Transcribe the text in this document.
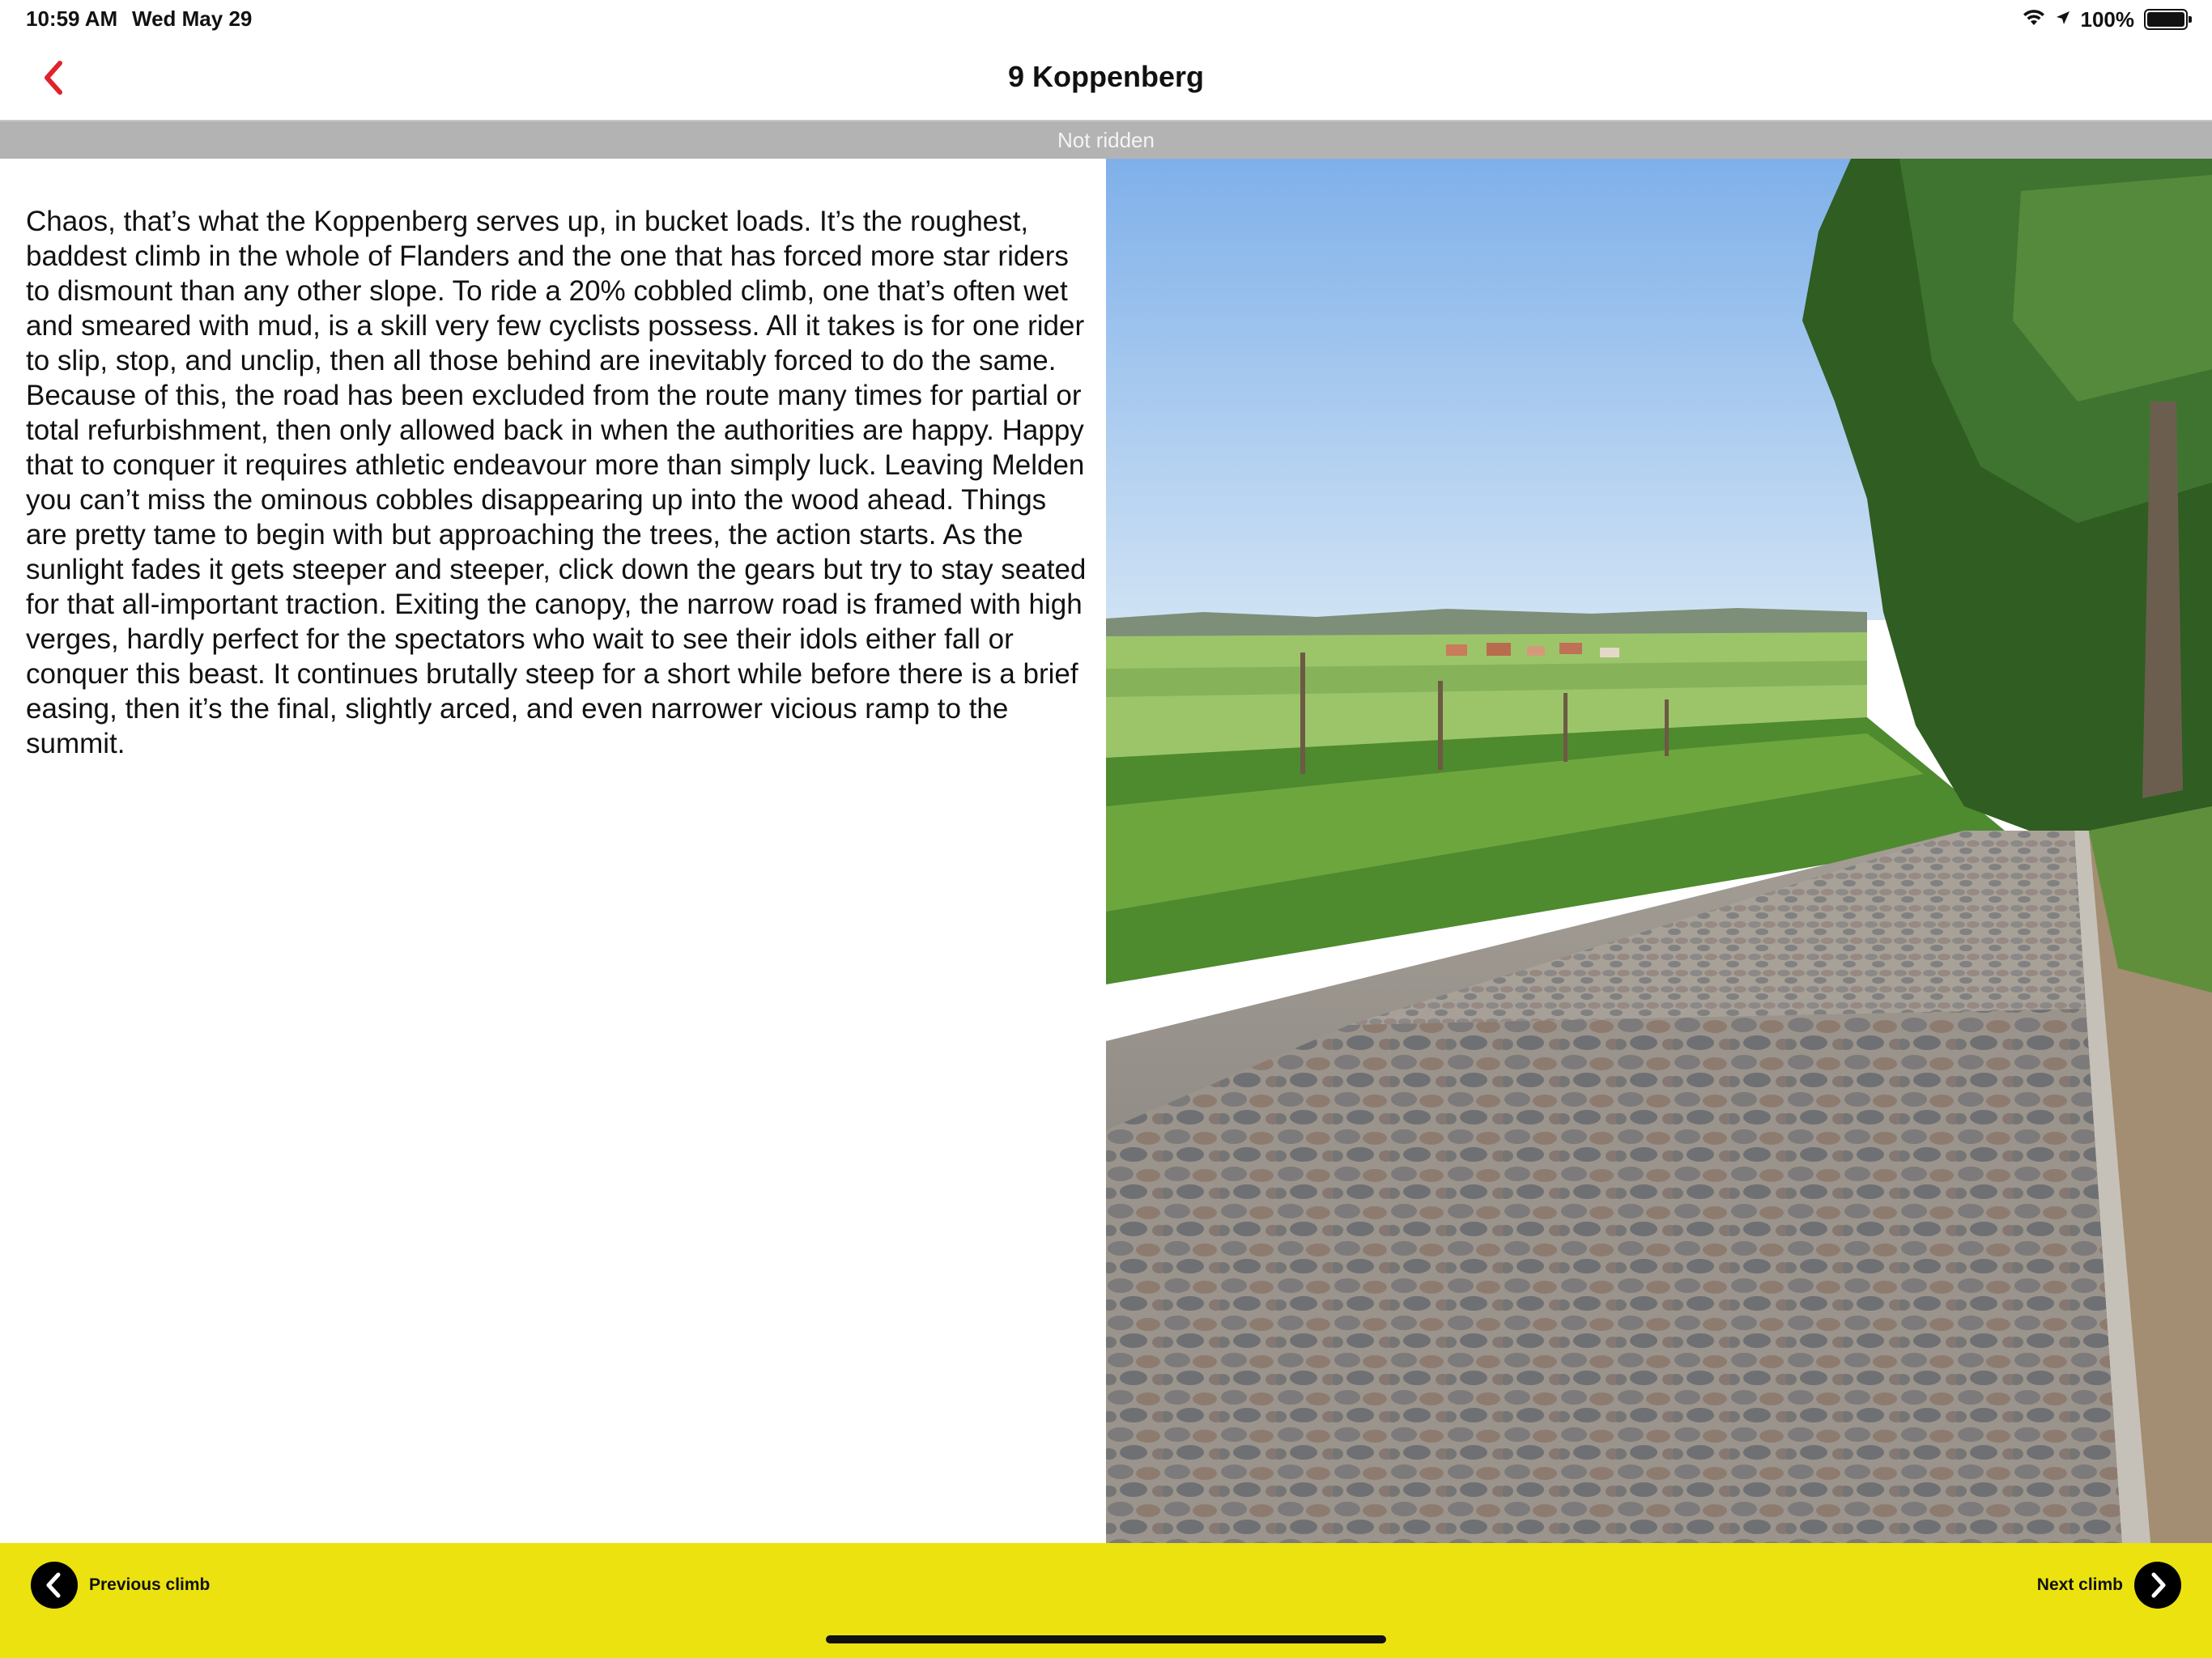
10:59 AM Wed May 29	100%
9 Koppenberg
Not ridden

Chaos, that’s what the Koppenberg serves up, in bucket loads. It’s the roughest, baddest climb in the whole of Flanders and the one that has forced more star riders to dismount than any other slope. To ride a 20% cobbled climb, one that’s often wet and smeared with mud, is a skill very few cyclists possess. All it takes is for one rider to slip, stop, and unclip, then all those behind are inevitably forced to do the same. Because of this, the road has been excluded from the route many times for partial or total refurbishment, then only allowed back in when the authorities are happy. Happy that to conquer it requires athletic endeavour more than simply luck. Leaving Melden you can’t miss the ominous cobbles disappearing up into the wood ahead. Things are pretty tame to begin with but approaching the trees, the action starts. As the sunlight fades it gets steeper and steeper, click down the gears but try to stay seated for that all-important traction. Exiting the canopy, the narrow road is framed with high verges, hardly perfect for the spectators who wait to see their idols either fall or conquer this beast. It continues brutally steep for a short while before there is a brief easing, then it’s the final, slightly arced, and even narrower vicious ramp to the summit.

Previous climb	Next climb
